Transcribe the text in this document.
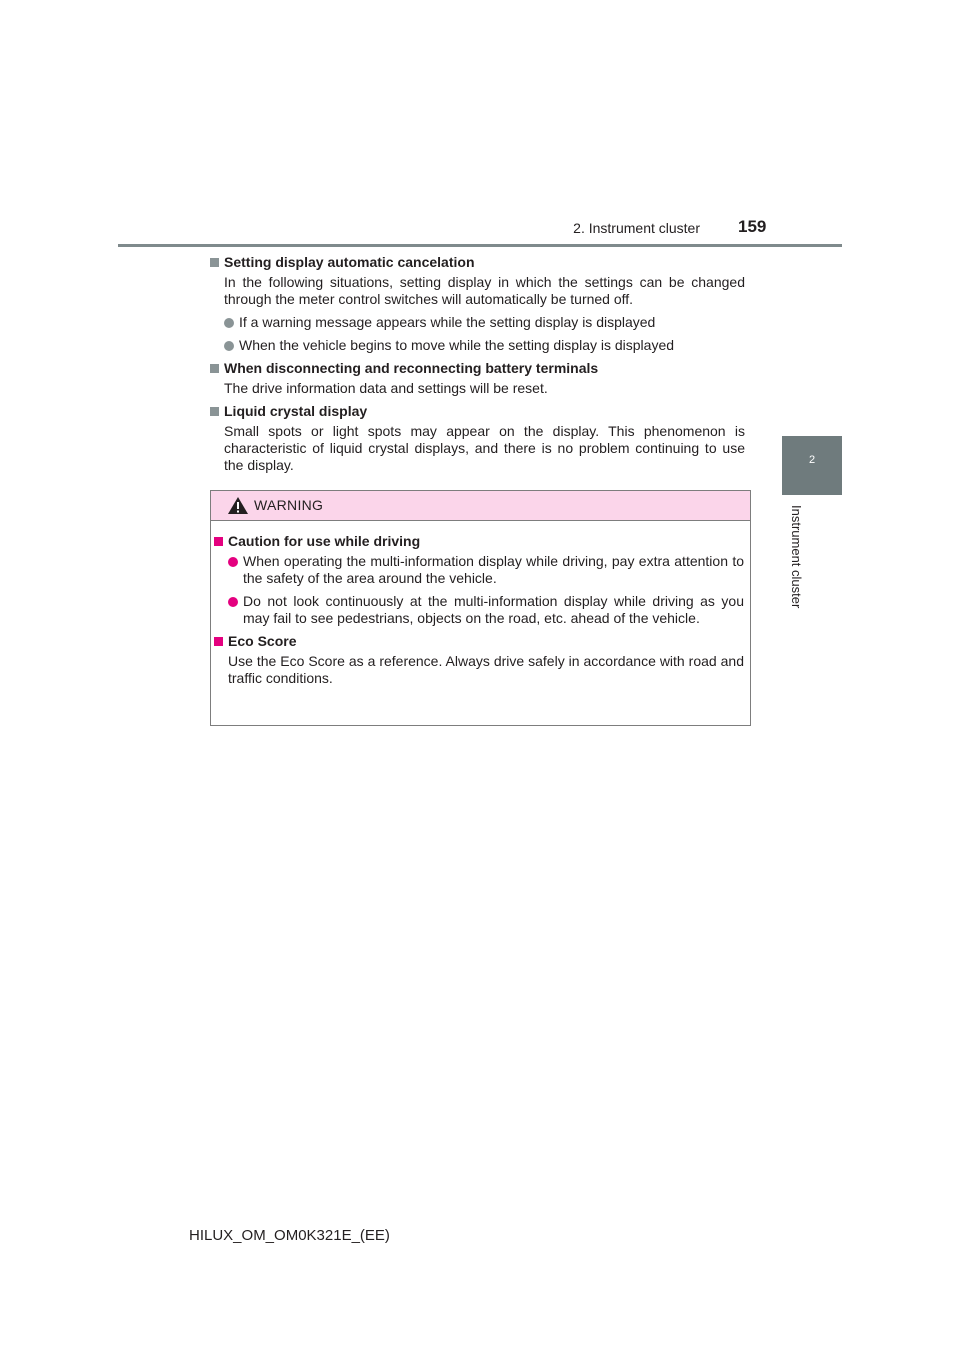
2. Instrument cluster 159
2
Instrument cluster
Setting display automatic cancelation
In the following situations, setting display in which the settings can be changed through the meter control switches will automatically be turned off.
If a warning message appears while the setting display is displayed
When the vehicle begins to move while the setting display is displayed
When disconnecting and reconnecting battery terminals
The drive information data and settings will be reset.
Liquid crystal display
Small spots or light spots may appear on the display. This phenomenon is characteristic of liquid crystal displays, and there is no problem continuing to use the display.
WARNING
Caution for use while driving
When operating the multi-information display while driving, pay extra attention to the safety of the area around the vehicle.
Do not look continuously at the multi-information display while driving as you may fail to see pedestrians, objects on the road, etc. ahead of the vehicle.
Eco Score
Use the Eco Score as a reference. Always drive safely in accordance with road and traffic conditions.
HILUX_OM_OM0K321E_(EE)
